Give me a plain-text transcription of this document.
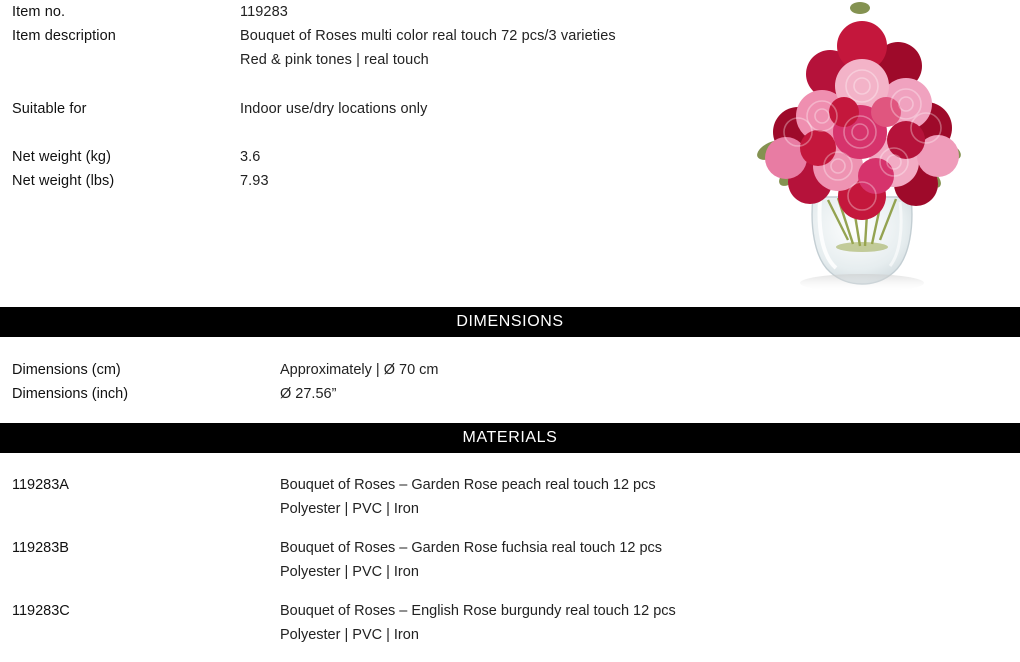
Item no.	119283
Item description	Bouquet of Roses multi color real touch 72 pcs/3 varieties
Red & pink tones | real touch
Suitable for	Indoor use/dry locations only
Net weight (kg)	3.6
Net weight (lbs)	7.93
DIMENSIONS
Dimensions (cm)	Approximately | Ø 70 cm
Dimensions (inch)	Ø 27.56”
MATERIALS
119283A	Bouquet of Roses – Garden Rose peach real touch 12 pcs
Polyester | PVC | Iron
119283B	Bouquet of Roses – Garden Rose fuchsia real touch 12 pcs
Polyester | PVC | Iron
119283C	Bouquet of Roses – English Rose burgundy real touch 12 pcs
Polyester | PVC | Iron
